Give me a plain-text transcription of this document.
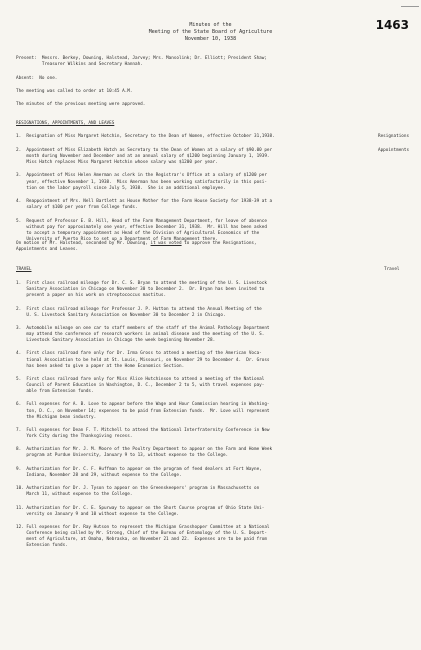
1463
Minutes of the
Meeting of the State Board of Agriculture
November 10, 1938
Present:  Messrs. Berkey, Downing, Halstead, Jarvey; Mrs. Mansolink; Dr. Elliott; President Shaw;
Treasurer Wilkins and Secretary Hannah.
Absent:  No one.
The meeting was called to order at 10:45 A.M.
The minutes of the previous meeting were approved.
RESIGNATIONS, APPOINTMENTS, AND LEAVES
Resignations
Appointments
1.  Resignation of Miss Margaret Hotchin, Secretary to the Dean of Women, effective October 31,1938.
2.  Appointment of Miss Elizabeth Hatch as Secretary to the Dean of Women at a salary of $90.00 per
month during November and December and at an annual salary of $1200 beginning January 1, 1939.
Miss Hatch replaces Miss Margaret Hotchin whose salary was $1200 per year.
3.  Appointment of Miss Helen Amerman as clerk in the Registrar's Office at a salary of $1200 per
year, effective November 1, 1938.  Miss Amerman has been working satisfactorily in this posi-
tion on the labor payroll since July 5, 1938.  She is an additional employee.
4.  Reappointment of Mrs. Nell Bartlett as House Mother for the Farm House Society for 1938-39 at a
salary of $100 per year from College funds.
5.  Request of Professor E. B. Hill, Head of the Farm Management Department, for leave of absence
without pay for approximately one year, effective December 31, 1938.  Mr. Hill has been asked
to accept a temporary appointment as Head of the Division of Agricultural Economics of the
University of Puerto Rico to set up a Department of Farm Management there.
On motion of Mr. Halstead, seconded by Mr. Downing, it was voted to approve the Resignations,
Appointments and Leaves.
TRAVEL	Travel
1.  First class railroad mileage for Dr. C. S. Bryan to attend the meeting of the U. S. Livestock
Sanitary Association in Chicago on November 30 to December 2.  Dr. Bryan has been invited to
present a paper on his work on streptococcus mastitus.
2.  First class railroad mileage for Professor J. P. Hutton to attend the Annual Meeting of the
U. S. Livestock Sanitary Association on November 30 to December 2 in Chicago.
3.  Automobile mileage on one car to staff members of the staff of the Animal Pathology Department
may attend the conference of research workers in animal disease and the meeting of the U. S.
Livestock Sanitary Association in Chicago the week beginning November 28.
4.  First class railroad fare only for Dr. Irma Gross to attend a meeting of the American Voca-
tional Association to be held at St. Louis, Missouri, on November 29 to December 4.  Dr. Gross
has been asked to give a paper at the Home Economics Section.
5.  First class railroad fare only for Miss Alice Hutchinson to attend a meeting of the National
Council of Parent Education in Washington, D. C., December 2 to 5, with travel expenses pay-
able from Extension funds.
6.  Full expenses for A. B. Love to appear before the Wage and Hour Commission hearing in Washing-
ton, D. C., on November 14; expenses to be paid from Extension funds.  Mr. Love will represent
the Michigan bean industry.
7.  Full expenses for Dean F. T. Mitchell to attend the National Interfraternity Conference in New
York City during the Thanksgiving recess.
8.  Authorization for Mr. J. M. Moore of the Poultry Department to appear on the Farm and Home Week
program at Purdue University, January 9 to 13, without expense to the College.
9.  Authorization for Dr. C. F. Huffman to appear on the program of feed dealers at Fort Wayne,
Indiana, November 28 and 29, without expense to the College.
10. Authorization for Dr. J. Tyson to appear on the Greenskeepers' program in Massachusetts on
March 11, without expense to the College.
11. Authorization for Dr. C. E. Spurway to appear on the Short Course program of Ohio State Uni-
versity on January 9 and 10 without expense to the College.
12. Full expenses for Dr. Ray Hutson to represent the Michigan Grasshopper Committee at a National
Conference being called by Mr. Strong, Chief of the Bureau of Entomology of the U. S. Depart-
ment of Agriculture, at Omaha, Nebraska, on November 21 and 22.  Expenses are to be paid from
Extension funds.
